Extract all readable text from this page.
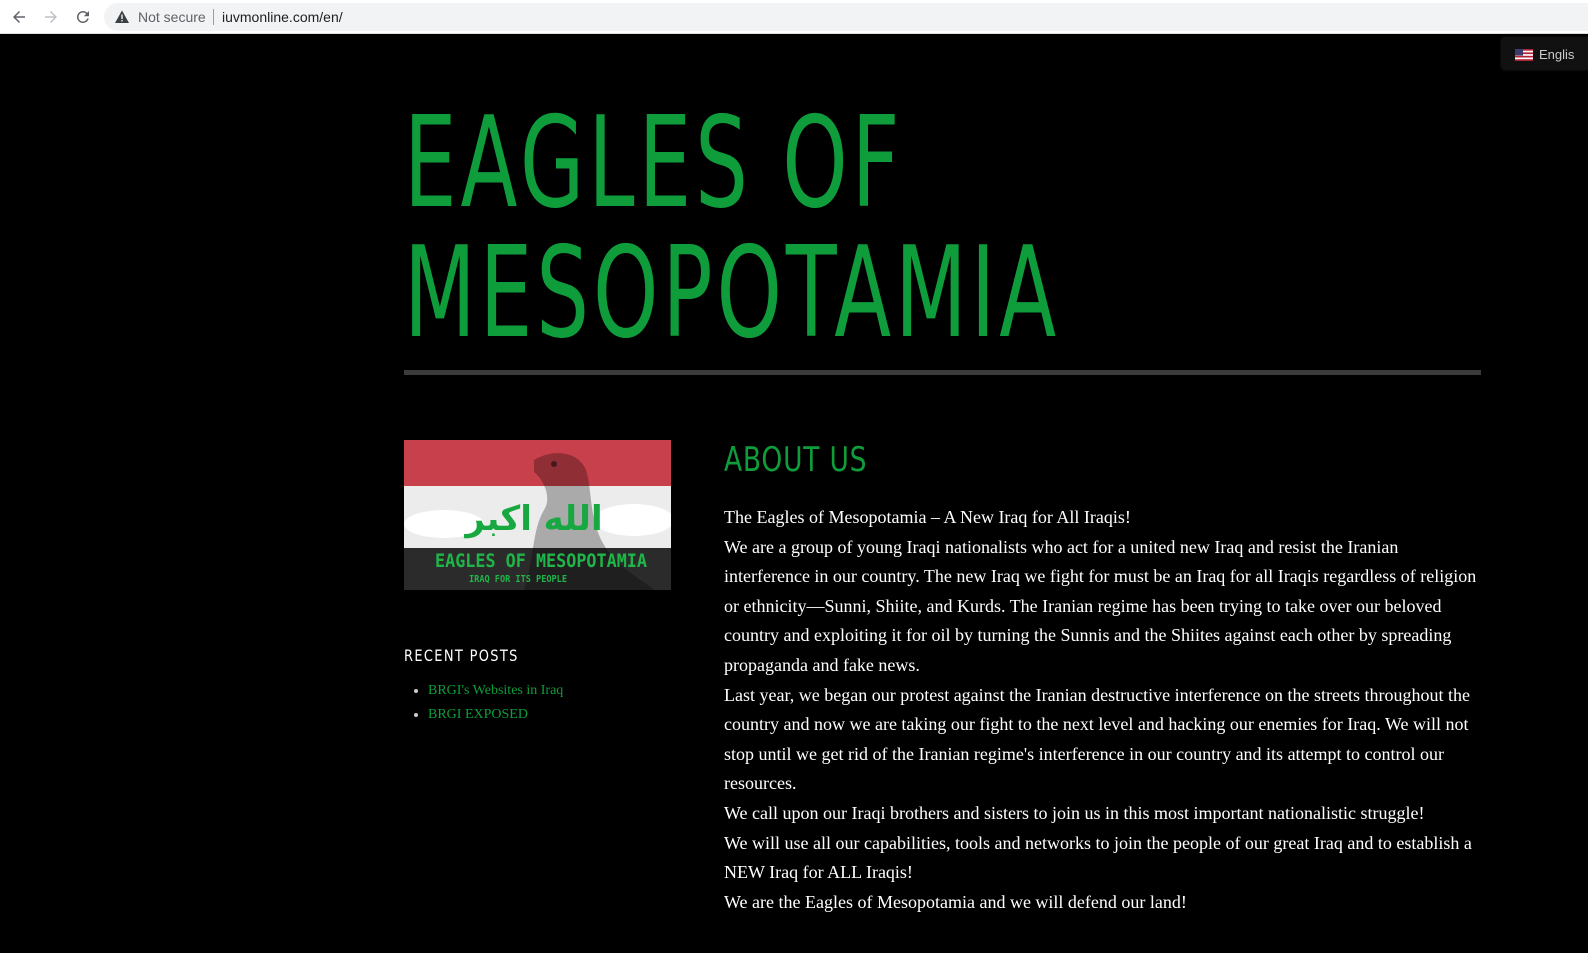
Not secure iuvmonline.com/en/
Englis
EAGLES OF
MESOPOTAMIA
الله اكبر
EAGLES OF MESOPOTAMIA
IRAQ FOR ITS PEOPLE
RECENT POSTS
BRGI's Websites in Iraq
BRGI EXPOSED
ABOUT US

The Eagles of Mesopotamia – A New Iraq for All Iraqis!

We are a group of young Iraqi nationalists who act for a united new Iraq and resist the Iranian interference in our country. The new Iraq we fight for must be an Iraq for all Iraqis regardless of religion or ethnicity—Sunni, Shiite, and Kurds. The Iranian regime has been trying to take over our beloved country and exploiting it for oil by turning the Sunnis and the Shiites against each other by spreading propaganda and fake news.

Last year, we began our protest against the Iranian destructive interference on the streets throughout the country and now we are taking our fight to the next level and hacking our enemies for Iraq. We will not stop until we get rid of the Iranian regime's interference in our country and its attempt to control our resources.

We call upon our Iraqi brothers and sisters to join us in this most important nationalistic struggle!

We will use all our capabilities, tools and networks to join the people of our great Iraq and to establish a NEW Iraq for ALL Iraqis!

We are the Eagles of Mesopotamia and we will defend our land!
